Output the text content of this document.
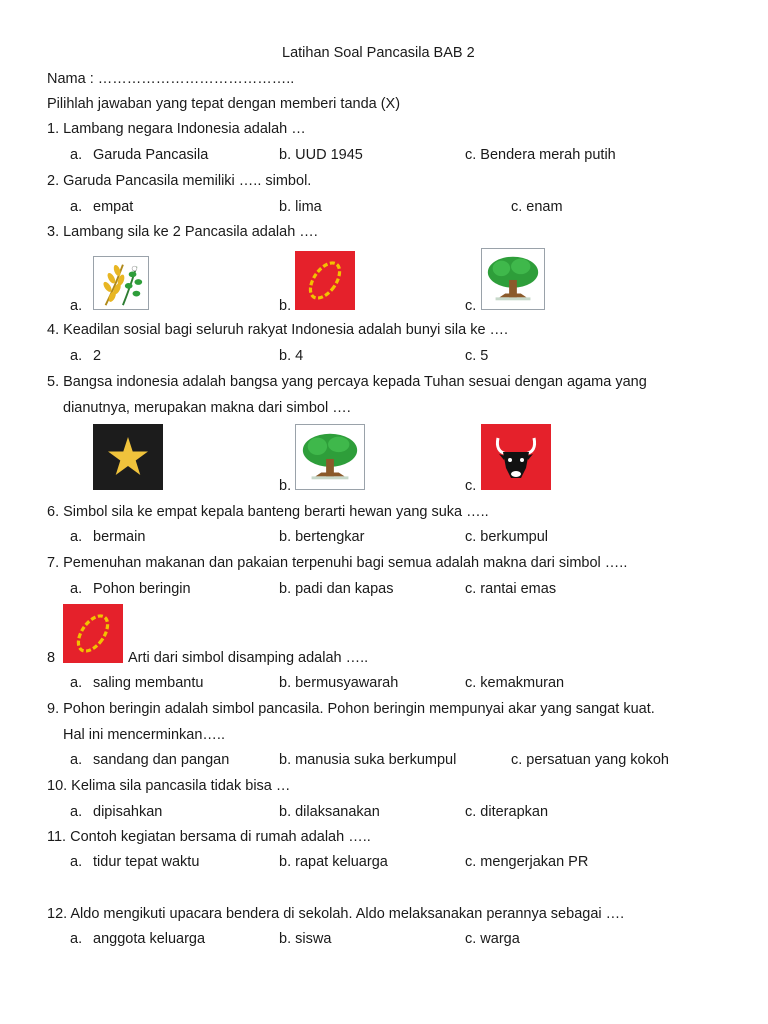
Latihan Soal Pancasila BAB 2
Nama : …………………………………..
Pilihlah jawaban yang tepat dengan memberi tanda (X)
1. Lambang negara Indonesia adalah …
a. Garuda Pancasila	b. UUD 1945	c. Bendera merah putih
2. Garuda Pancasila memiliki ….. simbol.
a. empat	b. lima	c. enam
3. Lambang sila ke 2 Pancasila adalah ….
a.	b.	c.
4. Keadilan sosial bagi seluruh rakyat Indonesia adalah bunyi sila ke ….
a. 2	b. 4	c. 5
5. Bangsa indonesia adalah bangsa yang percaya kepada Tuhan sesuai dengan agama yang
dianutnya, merupakan makna dari simbol ….
b.	c.
6. Simbol sila ke empat kepala banteng berarti hewan yang suka …..
a. bermain	b. bertengkar	c. berkumpul
7. Pemenuhan makanan dan pakaian terpenuhi bagi semua adalah makna dari simbol …..
a. Pohon beringin	b. padi dan kapas	c. rantai emas
8	Arti dari simbol disamping adalah …..
a. saling membantu	b. bermusyawarah	c. kemakmuran
9. Pohon beringin adalah simbol pancasila. Pohon beringin mempunyai akar yang sangat kuat.
Hal ini mencerminkan…..
a. sandang dan pangan	b. manusia suka berkumpul	c. persatuan yang kokoh
10. Kelima sila pancasila tidak bisa …
a. dipisahkan	b. dilaksanakan	c. diterapkan
11. Contoh kegiatan bersama di rumah adalah …..
a. tidur tepat waktu	b. rapat keluarga	c. mengerjakan PR
12. Aldo mengikuti upacara bendera di sekolah. Aldo melaksanakan perannya sebagai ….
a. anggota keluarga	b. siswa	c. warga
